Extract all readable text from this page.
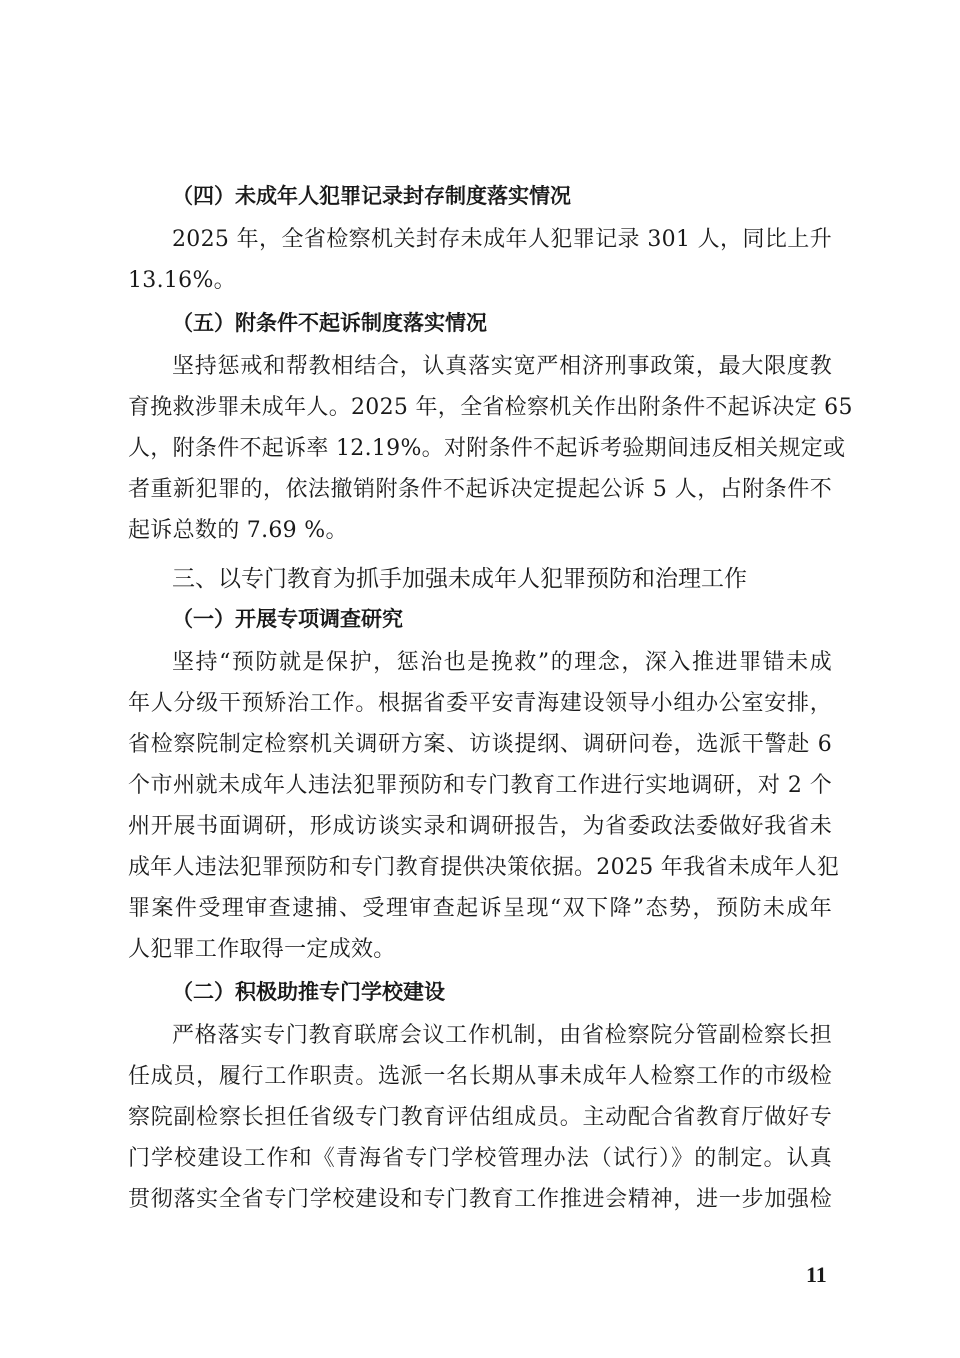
（四）未成年人犯罪记录封存制度落实情况
2025 年，全省检察机关封存未成年人犯罪记录 301 人，同比上升
13.16%。
（五）附条件不起诉制度落实情况
坚持惩戒和帮教相结合，认真落实宽严相济刑事政策，最大限度教
育挽救涉罪未成年人。2025 年，全省检察机关作出附条件不起诉决定 65
人，附条件不起诉率 12.19%。对附条件不起诉考验期间违反相关规定或
者重新犯罪的，依法撤销附条件不起诉决定提起公诉 5 人，占附条件不
起诉总数的 7.69 %。
三、以专门教育为抓手加强未成年人犯罪预防和治理工作
（一）开展专项调查研究
坚持“预防就是保护，惩治也是挽救”的理念，深入推进罪错未成
年人分级干预矫治工作。根据省委平安青海建设领导小组办公室安排，
省检察院制定检察机关调研方案、访谈提纲、调研问卷，选派干警赴 6
个市州就未成年人违法犯罪预防和专门教育工作进行实地调研，对 2 个
州开展书面调研，形成访谈实录和调研报告，为省委政法委做好我省未
成年人违法犯罪预防和专门教育提供决策依据。2025 年我省未成年人犯
罪案件受理审查逮捕、受理审查起诉呈现“双下降”态势，预防未成年
人犯罪工作取得一定成效。
（二）积极助推专门学校建设
严格落实专门教育联席会议工作机制，由省检察院分管副检察长担
任成员，履行工作职责。选派一名长期从事未成年人检察工作的市级检
察院副检察长担任省级专门教育评估组成员。主动配合省教育厅做好专
门学校建设工作和《青海省专门学校管理办法（试行）》的制定。认真
贯彻落实全省专门学校建设和专门教育工作推进会精神，进一步加强检
11
